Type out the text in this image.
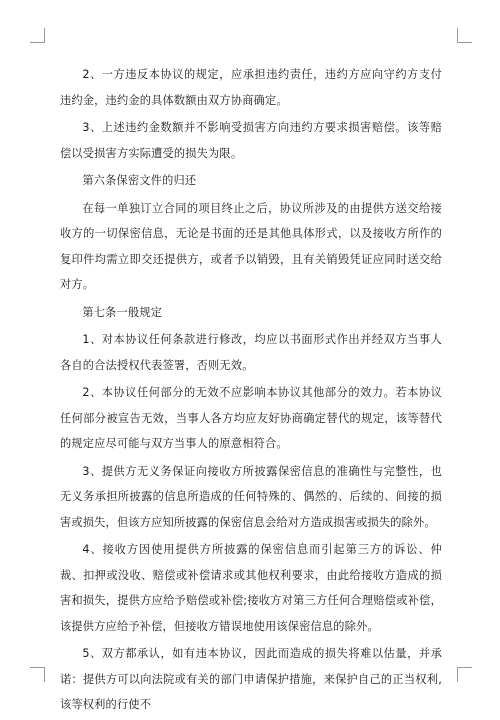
2、一方违反本协议的规定，应承担违约责任，违约方应向守约方支付违约金，违约金的具体数额由双方协商确定。

3、上述违约金数额并不影响受损害方向违约方要求损害赔偿。该等赔偿以受损害方实际遭受的损失为限。

第六条保密文件的归还

在每一单独订立合同的项目终止之后，协议所涉及的由提供方送交给接收方的一切保密信息，无论是书面的还是其他具体形式，以及接收方所作的复印件均需立即交还提供方，或者予以销毁，且有关销毁凭证应同时送交给对方。

第七条一般规定

1、对本协议任何条款进行修改，均应以书面形式作出并经双方当事人各自的合法授权代表签署，否则无效。

2、本协议任何部分的无效不应影响本协议其他部分的效力。若本协议任何部分被宣告无效，当事人各方均应友好协商确定替代的规定，该等替代的规定应尽可能与双方当事人的原意相符合。

3、提供方无义务保证向接收方所披露保密信息的准确性与完整性，也无义务承担所披露的信息所造成的任何特殊的、偶然的、后续的、间接的损害或损失，但该方应知所披露的保密信息会给对方造成损害或损失的除外。

4、接收方因使用提供方所披露的保密信息而引起第三方的诉讼、仲裁、扣押或没收、赔偿或补偿请求或其他权利要求，由此给接收方造成的损害和损失，提供方应给予赔偿或补偿;接收方对第三方任何合理赔偿或补偿，该提供方应给予补偿，但接收方错误地使用该保密信息的除外。

5、双方都承认，如有违本协议，因此而造成的损失将难以估量，并承诺：提供方可以向法院或有关的部门申请保护措施，来保护自己的正当权利,该等权利的行使不
